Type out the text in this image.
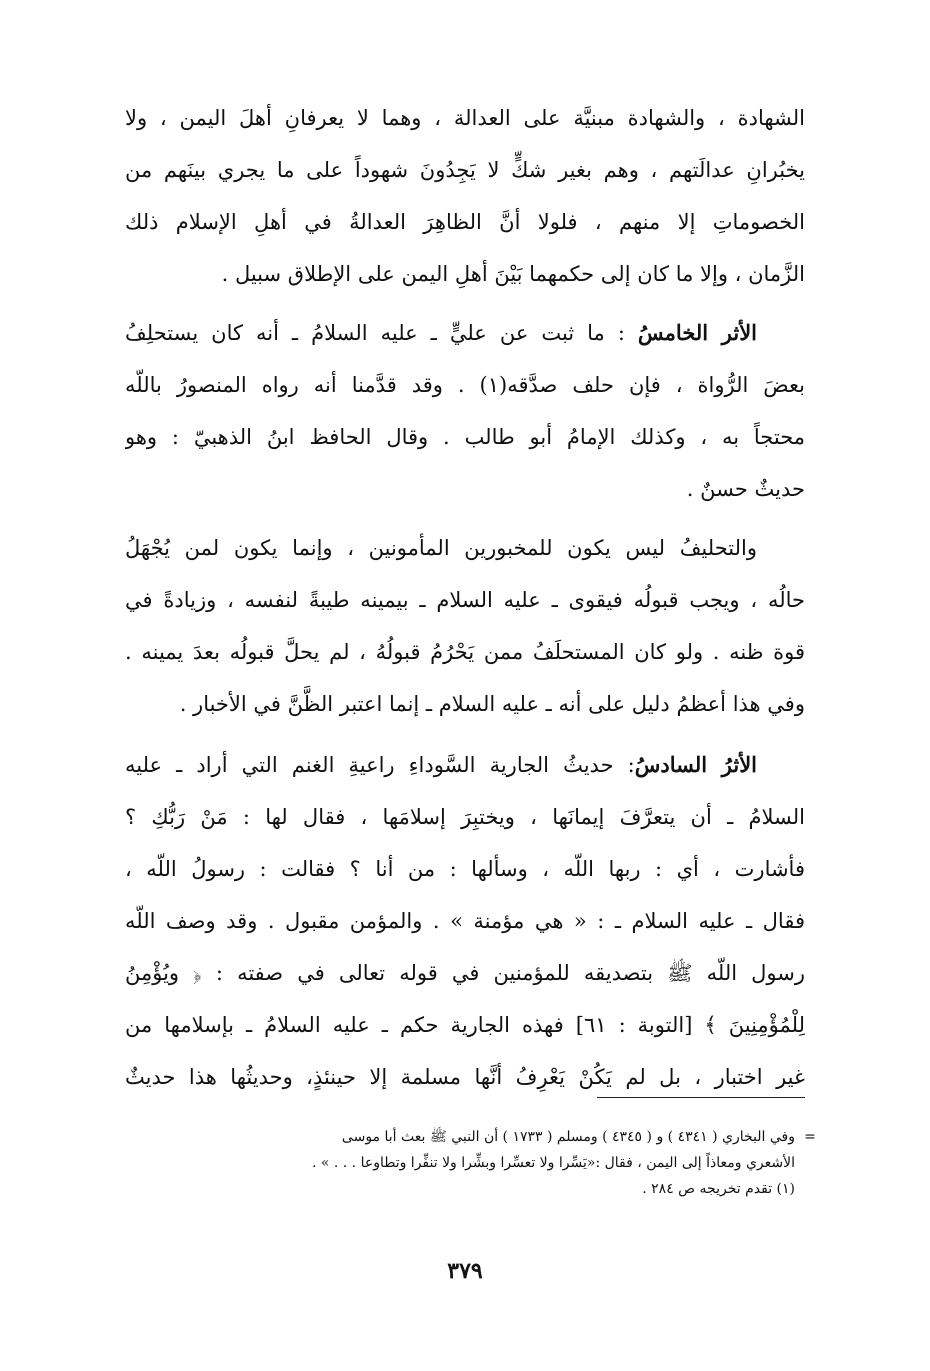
الشهادة ، والشهادة مبنيَّة على العدالة ، وهما لا يعرفانِ أهلَ اليمن ، ولا
يخبُرانِ عدالَتهم ، وهم بغير شكٍّ لا يَجِدُونَ شهوداً على ما يجري بينَهم من
الخصوماتِ إلا منهم ، فلولا أنَّ الظاهِرَ العدالةُ في أهلِ الإسلام ذلك
الزَّمان ، وإلا ما كان إلى حكمهما بَيْنَ أهلِ اليمن على الإطلاق سبيل .
الأثر الخامسُ : ما ثبت عن عليٍّ ـ عليه السلامُ ـ أنه كان يستحلِفُ
بعضَ الرُّواة ، فإن حلف صدَّقه(١) . وقد قدَّمنا أنه رواه المنصورُ باللّه
محتجاً به ، وكذلك الإمامُ أبو طالب . وقال الحافظ ابنُ الذهبيّ : وهو
حديثٌ حسنٌ .
والتحليفُ ليس يكون للمخبورين المأمونين ، وإنما يكون لمن يُجْهَلُ
حالُه ، ويجب قبولُه فيقوى ـ عليه السلام ـ بيمينه طيبةً لنفسه ، وزيادةً في
قوة ظنه . ولو كان المستحلَفُ ممن يَحْرُمُ قبولُهُ ، لم يحلَّ قبولُه بعدَ يمينه .
وفي هذا أعظمُ دليل على أنه ـ عليه السلام ـ إنما اعتبر الظَّنَّ في الأخبار .
الأثرُ السادسُ: حديثُ الجارية السَّوداءِ راعيةِ الغنم التي أراد ـ عليه
السلامُ ـ أن يتعرَّفَ إيمانَها ، ويختبِرَ إسلامَها ، فقال لها : مَنْ رَبُّكِ ؟
فأشارت ، أي : ربها اللّه ، وسألها : من أنا ؟ فقالت : رسولُ اللّه ،
فقال ـ عليه السلام ـ : « هي مؤمنة » . والمؤمن مقبول . وقد وصف اللّه
رسول اللّه ﷺ بتصديقه للمؤمنين في قوله تعالى في صفته : ﴿ ويُؤْمِنُ
لِلْمُؤْمِنِينَ ﴾ [التوبة : ٦١] فهذه الجارية حكم ـ عليه السلامُ ـ بإسلامها من
غير اختبار ، بل لم يَكُنْ يَعْرِفُ أنَّها مسلمة إلا حينئذٍ، وحديثُها هذا حديثٌ
=وفي البخاري ( ٤٣٤١ ) و ( ٤٣٤٥ ) ومسلم ( ١٧٣٣ ) أن النبي ﷺ بعث أبا موسى
الأشعري ومعاذاً إلى اليمن ، فقال :«يَسِّرا ولا تعسِّرا وبشِّرا ولا تنفِّرا وتطاوعا . . . » .
(١) تقدم تخريجه ص ٢٨٤ .
٣٧٩
